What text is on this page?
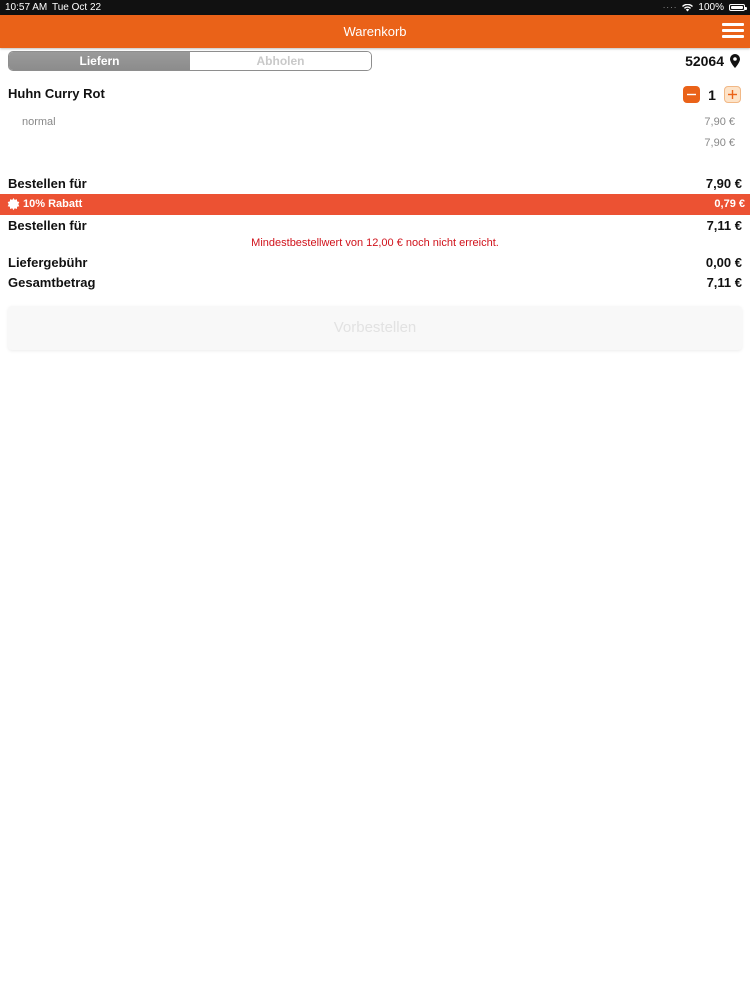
10:57 AM Tue Oct 22	···· 100%
Warenkorb
Liefern	Abholen	52064
Huhn Curry Rot	1
normal	7,90 €
7,90 €
Bestellen für	7,90 €
10% Rabatt	0,79 €
Bestellen für	7,11 €
Mindestbestellwert von 12,00 € noch nicht erreicht.
Liefergebühr	0,00 €
Gesamtbetrag	7,11 €
Vorbestellen
